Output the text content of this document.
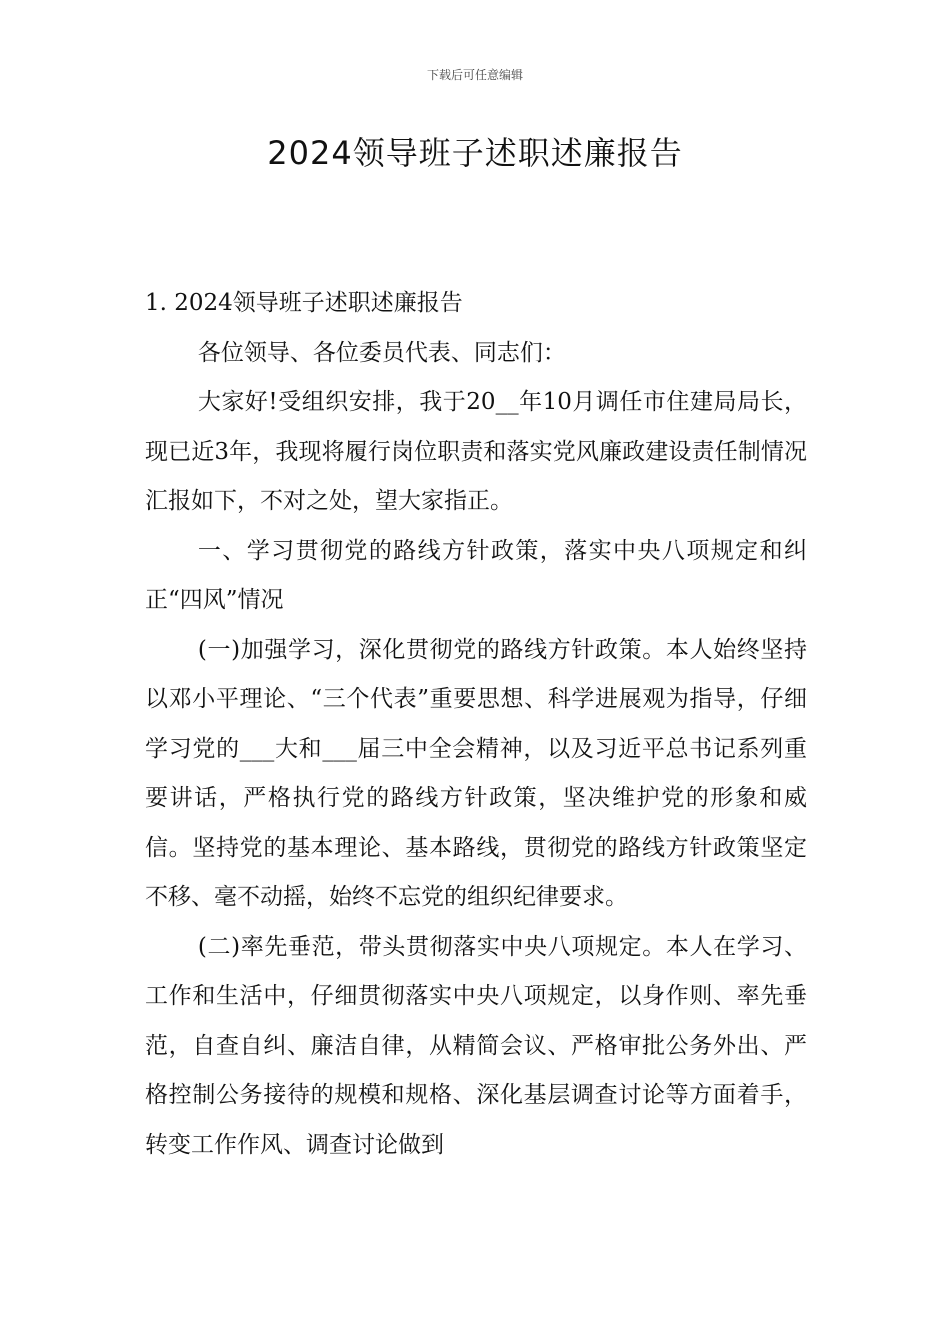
下载后可任意编辑
2024领导班子述职述廉报告

1. 2024领导班子述职述廉报告

各位领导、各位委员代表、同志们：

大家好!受组织安排，我于20__年10月调任市住建局局长，现已近3年，我现将履行岗位职责和落实党风廉政建设责任制情况汇报如下，不对之处，望大家指正。

一、学习贯彻党的路线方针政策，落实中央八项规定和纠正“四风”情况

(一)加强学习，深化贯彻党的路线方针政策。本人始终坚持以邓小平理论、“三个代表”重要思想、科学进展观为指导，仔细学习党的___大和___届三中全会精神，以及习近平总书记系列重要讲话，严格执行党的路线方针政策，坚决维护党的形象和威信。坚持党的基本理论、基本路线，贯彻党的路线方针政策坚定不移、毫不动摇，始终不忘党的组织纪律要求。

(二)率先垂范，带头贯彻落实中央八项规定。本人在学习、工作和生活中，仔细贯彻落实中央八项规定，以身作则、率先垂范，自查自纠、廉洁自律，从精简会议、严格审批公务外出、严格控制公务接待的规模和规格、深化基层调查讨论等方面着手，转变工作作风、调查讨论做到
